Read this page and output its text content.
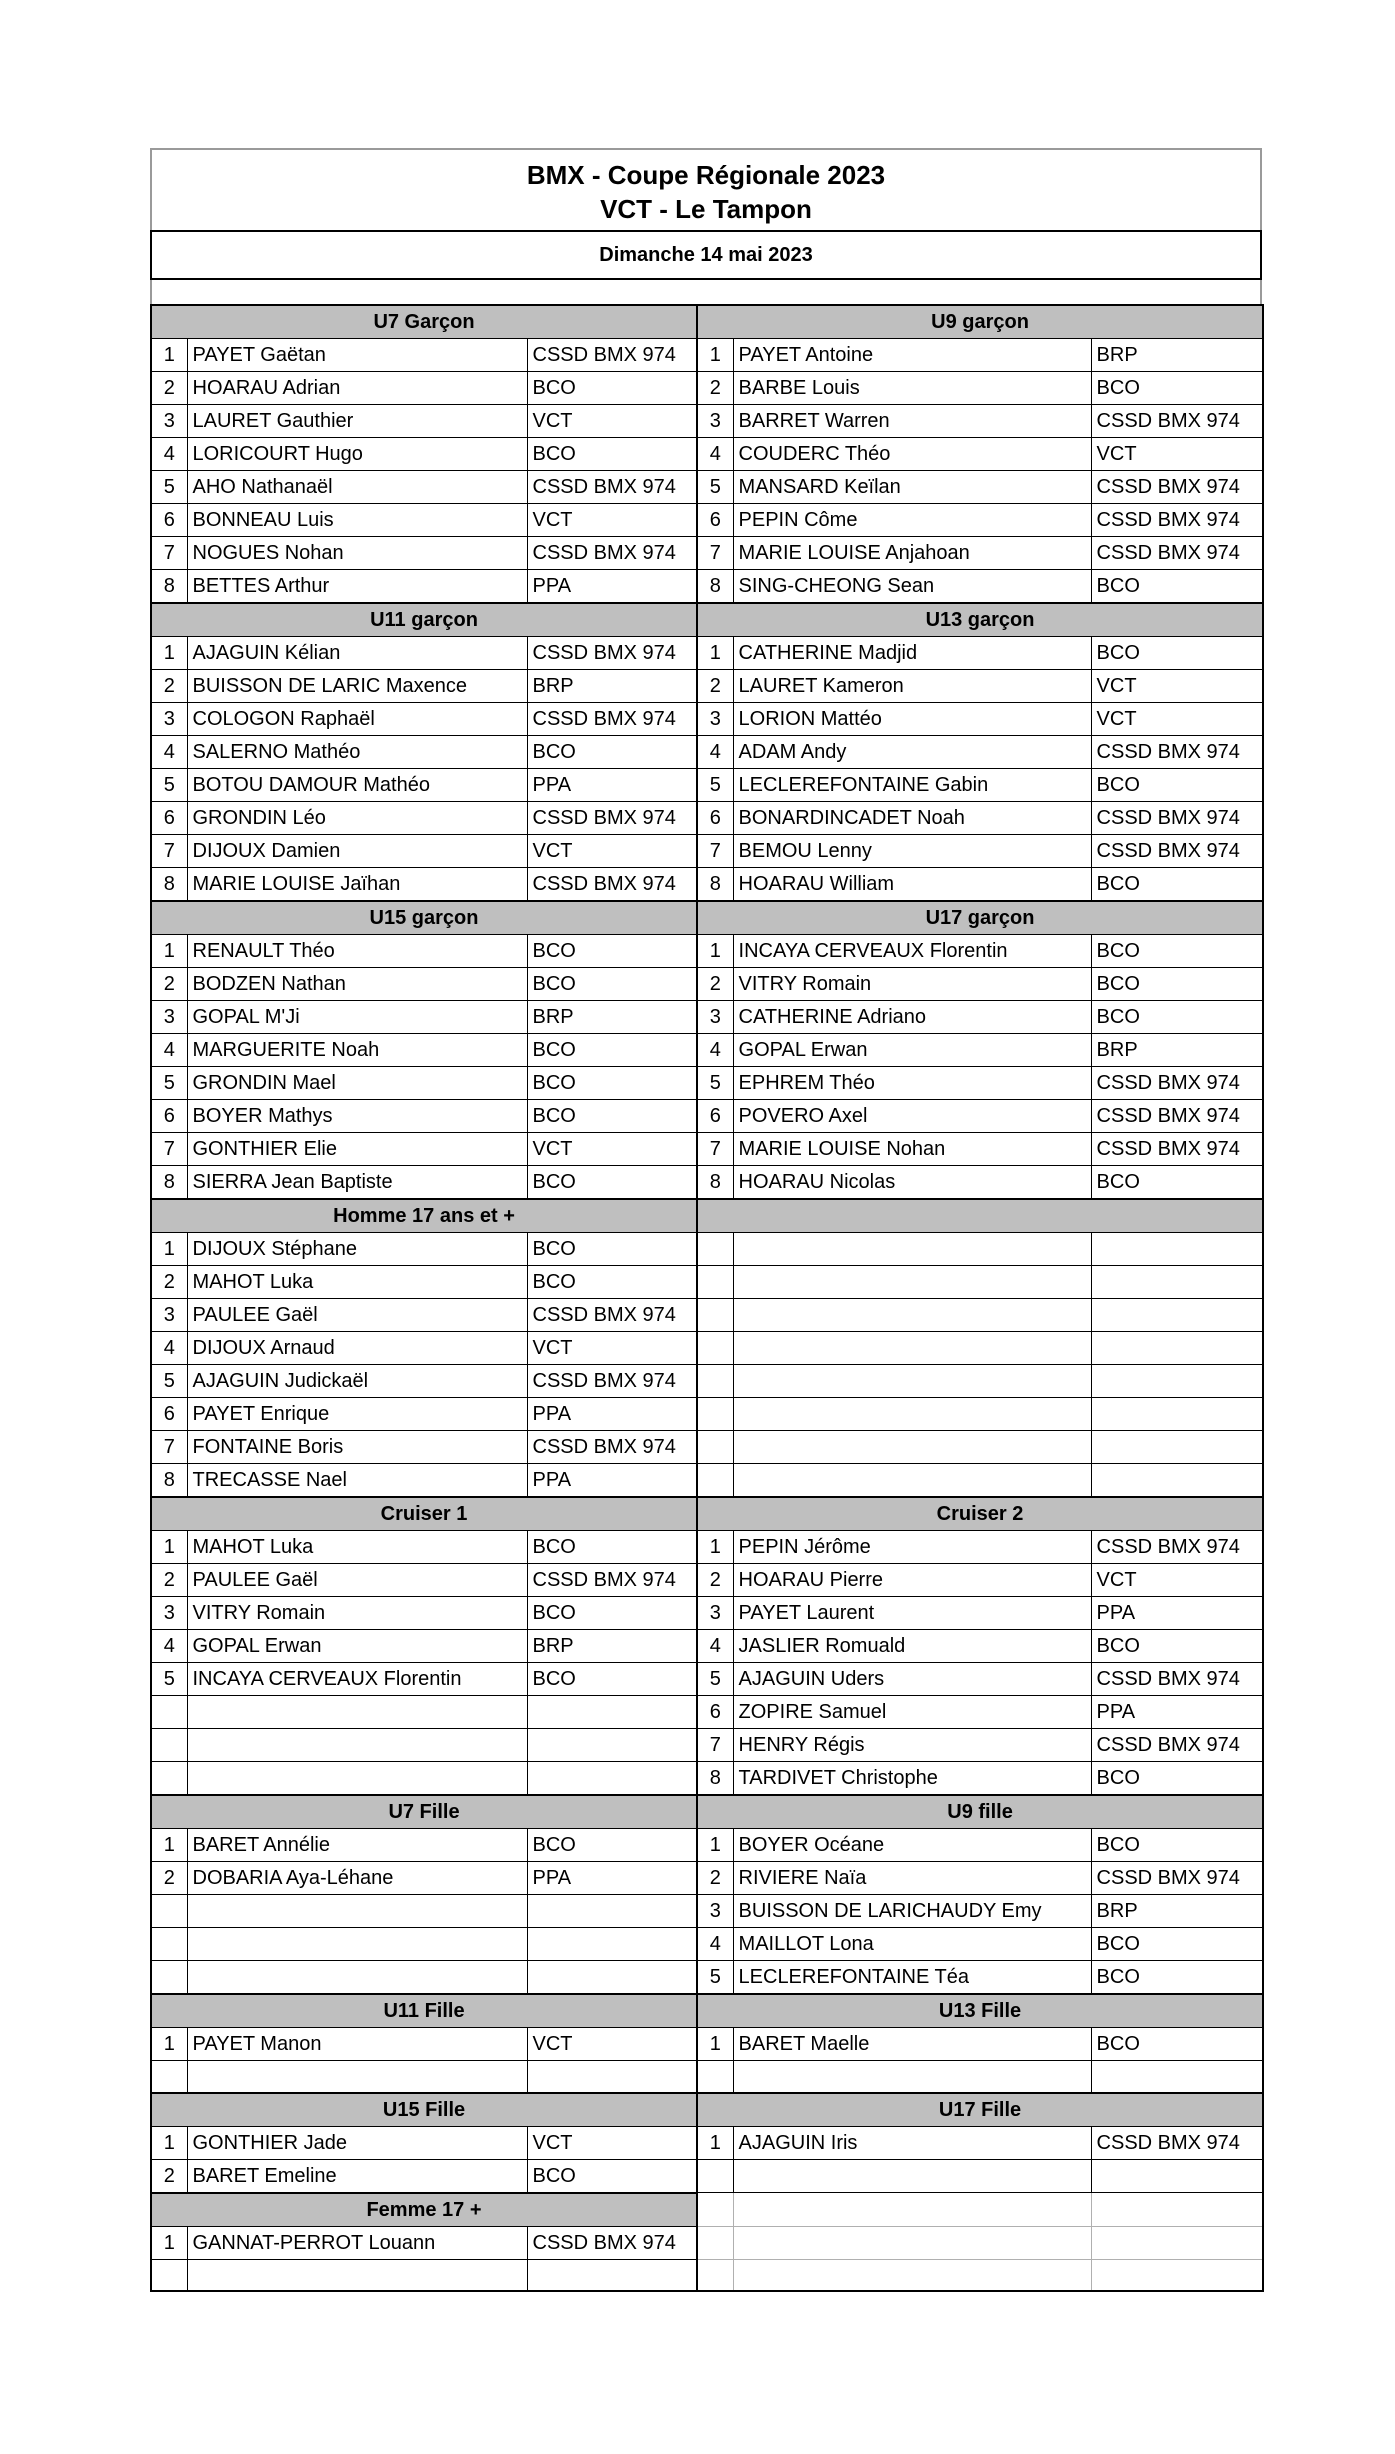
BMX - Coupe Régionale 2023
VCT - Le Tampon
Dimanche 14 mai 2023
U7 Garçon			U9 garçon		
1	PAYET Gaëtan	CSSD BMX 974	1	PAYET Antoine	BRP
2	HOARAU Adrian	BCO	2	BARBE Louis	BCO
3	LAURET Gauthier	VCT	3	BARRET Warren	CSSD BMX 974
4	LORICOURT Hugo	BCO	4	COUDERC Théo	VCT
5	AHO Nathanaël	CSSD BMX 974	5	MANSARD Keïlan	CSSD BMX 974
6	BONNEAU Luis	VCT	6	PEPIN Côme	CSSD BMX 974
7	NOGUES Nohan	CSSD BMX 974	7	MARIE LOUISE Anjahoan	CSSD BMX 974
8	BETTES Arthur	PPA	8	SING-CHEONG Sean	BCO
U11 garçon			U13 garçon		
1	AJAGUIN Kélian	CSSD BMX 974	1	CATHERINE Madjid	BCO
2	BUISSON DE LARIC Maxence	BRP	2	LAURET Kameron	VCT
3	COLOGON Raphaël	CSSD BMX 974	3	LORION Mattéo	VCT
4	SALERNO Mathéo	BCO	4	ADAM Andy	CSSD BMX 974
5	BOTOU DAMOUR Mathéo	PPA	5	LECLEREFONTAINE Gabin	BCO
6	GRONDIN Léo	CSSD BMX 974	6	BONARDINCADET Noah	CSSD BMX 974
7	DIJOUX Damien	VCT	7	BEMOU Lenny	CSSD BMX 974
8	MARIE LOUISE Jaïhan	CSSD BMX 974	8	HOARAU William	BCO
U15 garçon			U17 garçon		
1	RENAULT Théo	BCO	1	INCAYA CERVEAUX Florentin	BCO
2	BODZEN Nathan	BCO	2	VITRY Romain	BCO
3	GOPAL M'Ji	BRP	3	CATHERINE Adriano	BCO
4	MARGUERITE Noah	BCO	4	GOPAL Erwan	BRP
5	GRONDIN Mael	BCO	5	EPHREM Théo	CSSD BMX 974
6	BOYER Mathys	BCO	6	POVERO Axel	CSSD BMX 974
7	GONTHIER Elie	VCT	7	MARIE LOUISE Nohan	CSSD BMX 974
8	SIERRA Jean Baptiste	BCO	8	HOARAU Nicolas	BCO
Homme 17 ans et +					
1	DIJOUX Stéphane	BCO			
2	MAHOT Luka	BCO			
3	PAULEE Gaël	CSSD BMX 974			
4	DIJOUX Arnaud	VCT			
5	AJAGUIN Judickaël	CSSD BMX 974			
6	PAYET Enrique	PPA			
7	FONTAINE Boris	CSSD BMX 974			
8	TRECASSE Nael	PPA			
Cruiser 1			Cruiser 2		
1	MAHOT Luka	BCO	1	PEPIN Jérôme	CSSD BMX 974
2	PAULEE Gaël	CSSD BMX 974	2	HOARAU Pierre	VCT
3	VITRY Romain	BCO	3	PAYET Laurent	PPA
4	GOPAL Erwan	BRP	4	JASLIER Romuald	BCO
5	INCAYA CERVEAUX Florentin	BCO	5	AJAGUIN Uders	CSSD BMX 974
			6	ZOPIRE Samuel	PPA
			7	HENRY Régis	CSSD BMX 974
			8	TARDIVET Christophe	BCO
U7 Fille			U9 fille		
1	BARET Annélie	BCO	1	BOYER Océane	BCO
2	DOBARIA Aya-Léhane	PPA	2	RIVIERE Naïa	CSSD BMX 974
			3	BUISSON DE LARICHAUDY Emy	BRP
			4	MAILLOT Lona	BCO
			5	LECLEREFONTAINE Téa	BCO
U11 Fille			U13 Fille		
1	PAYET Manon	VCT	1	BARET Maelle	BCO

U15 Fille			U17 Fille		
1	GONTHIER Jade	VCT	1	AJAGUIN Iris	CSSD BMX 974
2	BARET Emeline	BCO			
Femme 17 +					
1	GANNAT-PERROT Louann	CSSD BMX 974			
